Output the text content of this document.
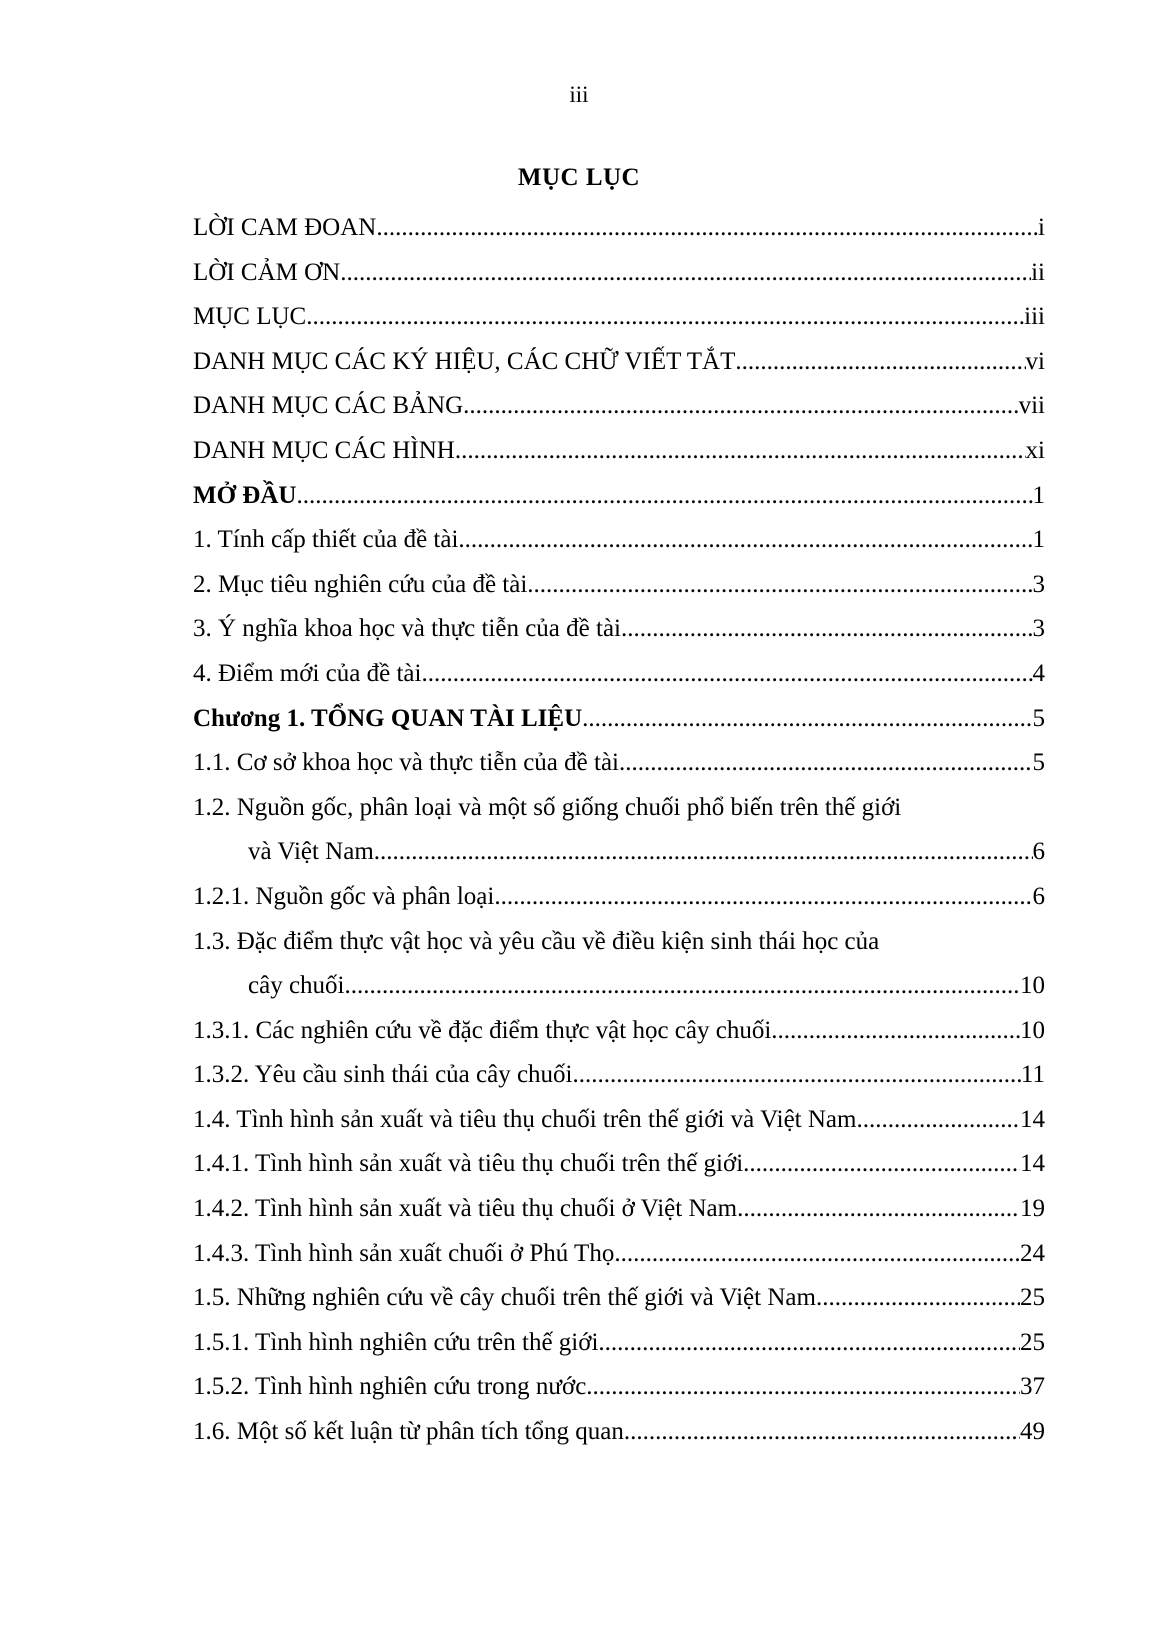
iii
MỤC LỤC
LỜI CAM ĐOAN .....	i
LỜI CẢM ƠN .....	ii
MỤC LỤC .....	iii
DANH MỤC CÁC KÝ HIỆU, CÁC CHỮ VIẾT TẮT .....	vi
DANH MỤC CÁC BẢNG .....	vii
DANH MỤC CÁC HÌNH .....	xi
MỞ ĐẦU .....	1
1. Tính cấp thiết của đề tài .....	1
2. Mục tiêu nghiên cứu của đề tài .....	3
3. Ý nghĩa khoa học và thực tiễn của đề tài .....	3
4. Điểm mới của đề tài .....	4
Chương 1. TỔNG QUAN TÀI LIỆU .....	5
1.1. Cơ sở khoa học và thực tiễn của đề tài .....	5
1.2. Nguồn gốc, phân loại và một số giống chuối phổ biến trên thế giới
và Việt Nam .....	6
1.2.1. Nguồn gốc và phân loại .....	6
1.3. Đặc điểm thực vật học và yêu cầu về điều kiện sinh thái học của
cây chuối .....	10
1.3.1. Các nghiên cứu về đặc điểm thực vật học cây chuối .....	10
1.3.2. Yêu cầu sinh thái của cây chuối .....	11
1.4. Tình hình sản xuất và tiêu thụ chuối trên thế giới và Việt Nam .....	14
1.4.1. Tình hình sản xuất và tiêu thụ chuối trên thế giới .....	14
1.4.2. Tình hình sản xuất và tiêu thụ chuối ở Việt Nam .....	19
1.4.3. Tình hình sản xuất chuối ở Phú Thọ .....	24
1.5. Những nghiên cứu về cây chuối trên thế giới và Việt Nam .....	25
1.5.1. Tình hình nghiên cứu trên thế giới .....	25
1.5.2. Tình hình nghiên cứu trong nước .....	37
1.6. Một số kết luận từ phân tích tổng quan .....	49
